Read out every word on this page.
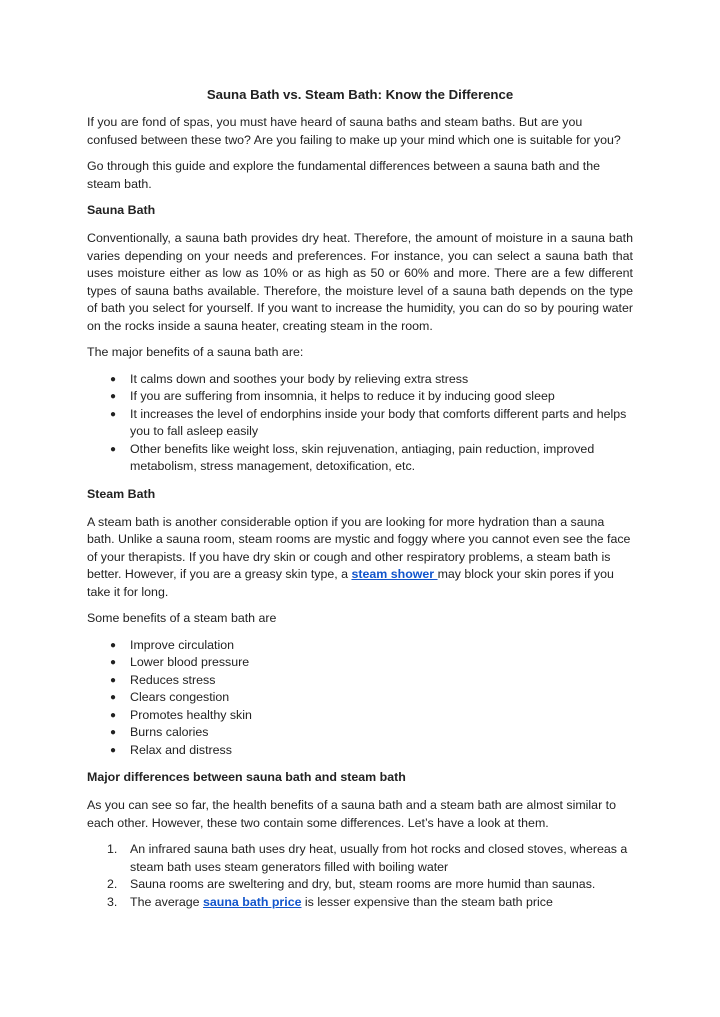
Sauna Bath vs. Steam Bath: Know the Difference

If you are fond of spas, you must have heard of sauna baths and steam baths. But are you confused between these two? Are you failing to make up your mind which one is suitable for you?

Go through this guide and explore the fundamental differences between a sauna bath and the steam bath.

Sauna Bath

Conventionally, a sauna bath provides dry heat. Therefore, the amount of moisture in a sauna bath varies depending on your needs and preferences. For instance, you can select a sauna bath that uses moisture either as low as 10% or as high as 50 or 60% and more. There are a few different types of sauna baths available. Therefore, the moisture level of a sauna bath depends on the type of bath you select for yourself. If you want to increase the humidity, you can do so by pouring water on the rocks inside a sauna heater, creating steam in the room.

The major benefits of a sauna bath are:

● It calms down and soothes your body by relieving extra stress
● If you are suffering from insomnia, it helps to reduce it by inducing good sleep
● It increases the level of endorphins inside your body that comforts different parts and helps you to fall asleep easily
● Other benefits like weight loss, skin rejuvenation, antiaging, pain reduction, improved metabolism, stress management, detoxification, etc.
Steam Bath

A steam bath is another considerable option if you are looking for more hydration than a sauna bath. Unlike a sauna room, steam rooms are mystic and foggy where you cannot even see the face of your therapists. If you have dry skin or cough and other respiratory problems, a steam bath is better. However, if you are a greasy skin type, a steam shower may block your skin pores if you take it for long.

Some benefits of a steam bath are

● Improve circulation
● Lower blood pressure
● Reduces stress
● Clears congestion
● Promotes healthy skin
● Burns calories
● Relax and distress
Major differences between sauna bath and steam bath

As you can see so far, the health benefits of a sauna bath and a steam bath are almost similar to each other. However, these two contain some differences. Let’s have a look at them.

1. An infrared sauna bath uses dry heat, usually from hot rocks and closed stoves, whereas a steam bath uses steam generators filled with boiling water
2. Sauna rooms are sweltering and dry, but, steam rooms are more humid than saunas.
3. The average sauna bath price is lesser expensive than the steam bath price
